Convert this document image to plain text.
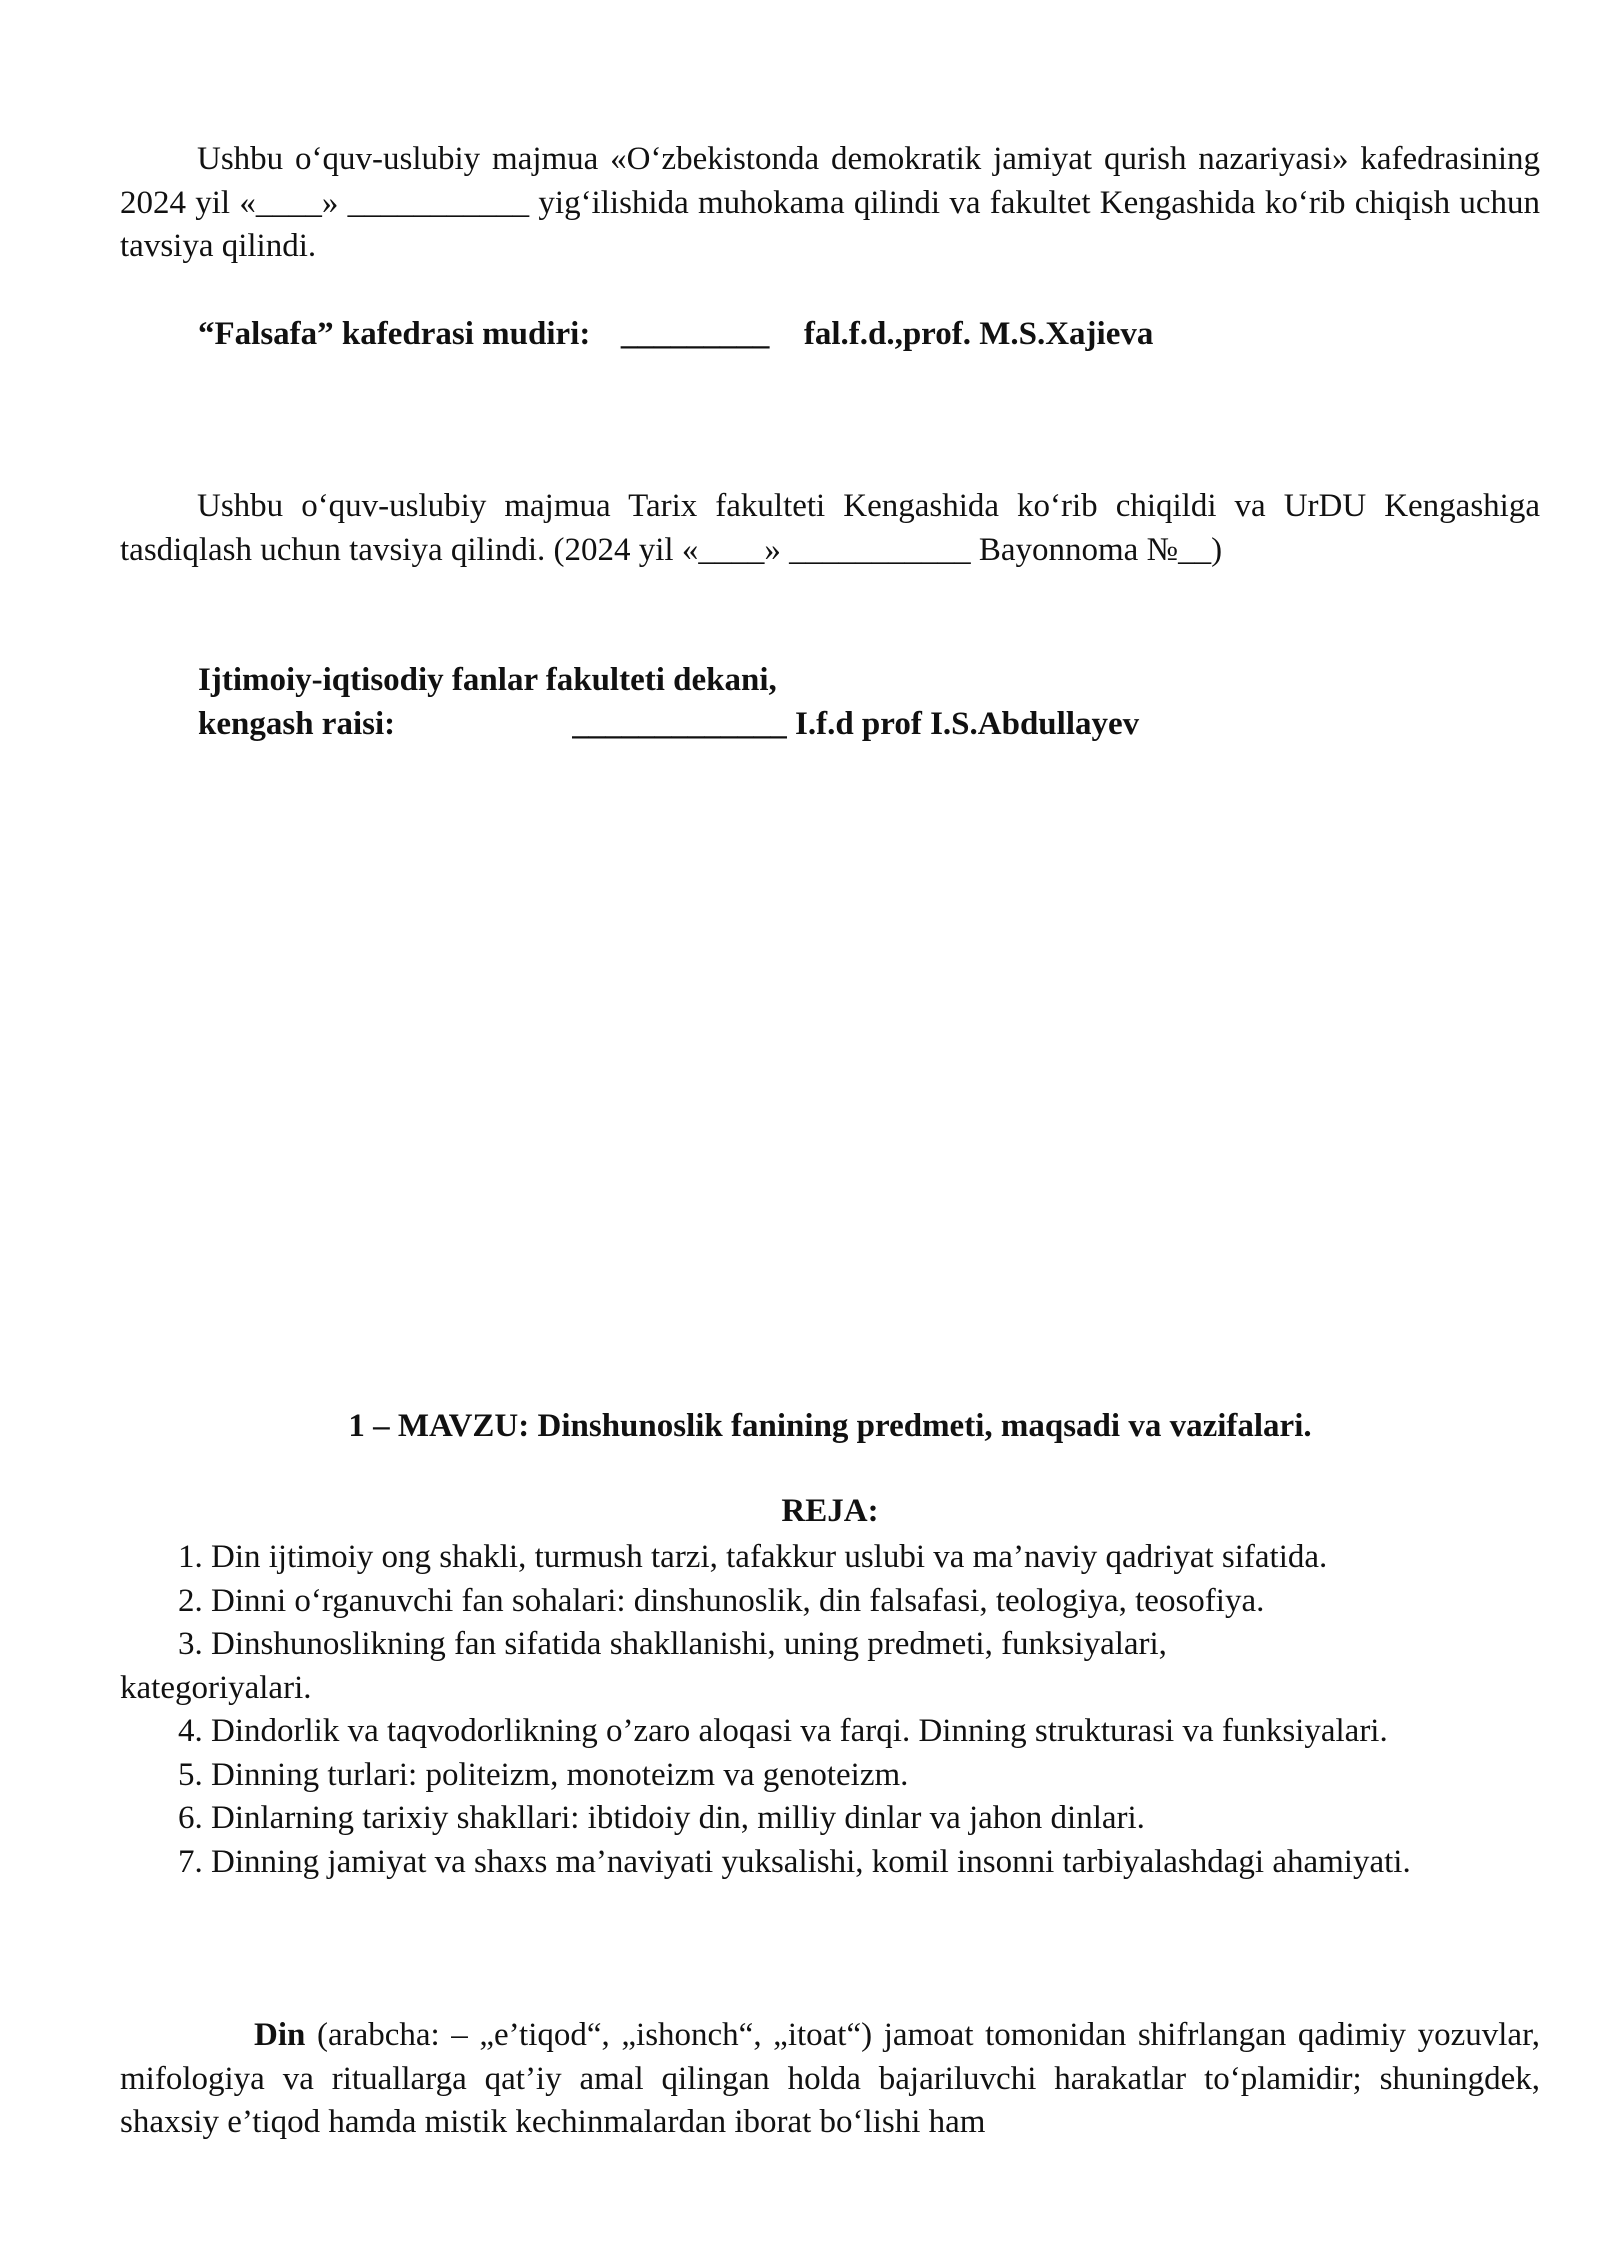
Ushbu o‘quv-uslubiy majmua «O‘zbekistonda demokratik jamiyat qurish nazariyasi» kafedrasining 2024 yil «____» ___________ yig‘ilishida muhokama qilindi va fakultet Kengashida ko‘rib chiqish uchun tavsiya qilindi.

“Falsafa” kafedrasi mudiri: _________ fal.f.d.,prof. M.S.Xajieva

Ushbu o‘quv-uslubiy majmua Tarix fakulteti Kengashida ko‘rib chiqildi va UrDU Kengashiga tasdiqlash uchun tavsiya qilindi. (2024 yil «____» ___________ Bayonnoma №__)

Ijtimoiy-iqtisodiy fanlar fakulteti dekani,
kengash raisi:	_____________ I.f.d prof I.S.Abdullayev
1 – MAVZU: Dinshunoslik fanining predmeti, maqsadi va vazifalari.
REJA:
1. Din ijtimoiy ong shakli, turmush tarzi, tafakkur uslubi va ma’naviy qadriyat sifatida.
2. Dinni o‘rganuvchi fan sohalari: dinshunoslik, din falsafasi, teologiya, teosofiya.
3. Dinshunoslikning fan sifatida shakllanishi, uning predmeti, funksiyalari, kategoriyalari.
4. Dindorlik va taqvodorlikning o’zaro aloqasi va farqi. Dinning strukturasi va funksiyalari.
5. Dinning turlari: politeizm, monoteizm va genoteizm.
6. Dinlarning tarixiy shakllari: ibtidoiy din, milliy dinlar va jahon dinlari.
7. Dinning jamiyat va shaxs ma’naviyati yuksalishi, komil insonni tarbiyalashdagi ahamiyati.

Din (arabcha: – „e’tiqod“, „ishonch“, „itoat“) jamoat tomonidan shifrlangan qadimiy yozuvlar, mifologiya va rituallarga qat’iy amal qilingan holda bajariluvchi harakatlar to‘plamidir; shuningdek, shaxsiy e’tiqod hamda mistik kechinmalardan iborat bo‘lishi ham
